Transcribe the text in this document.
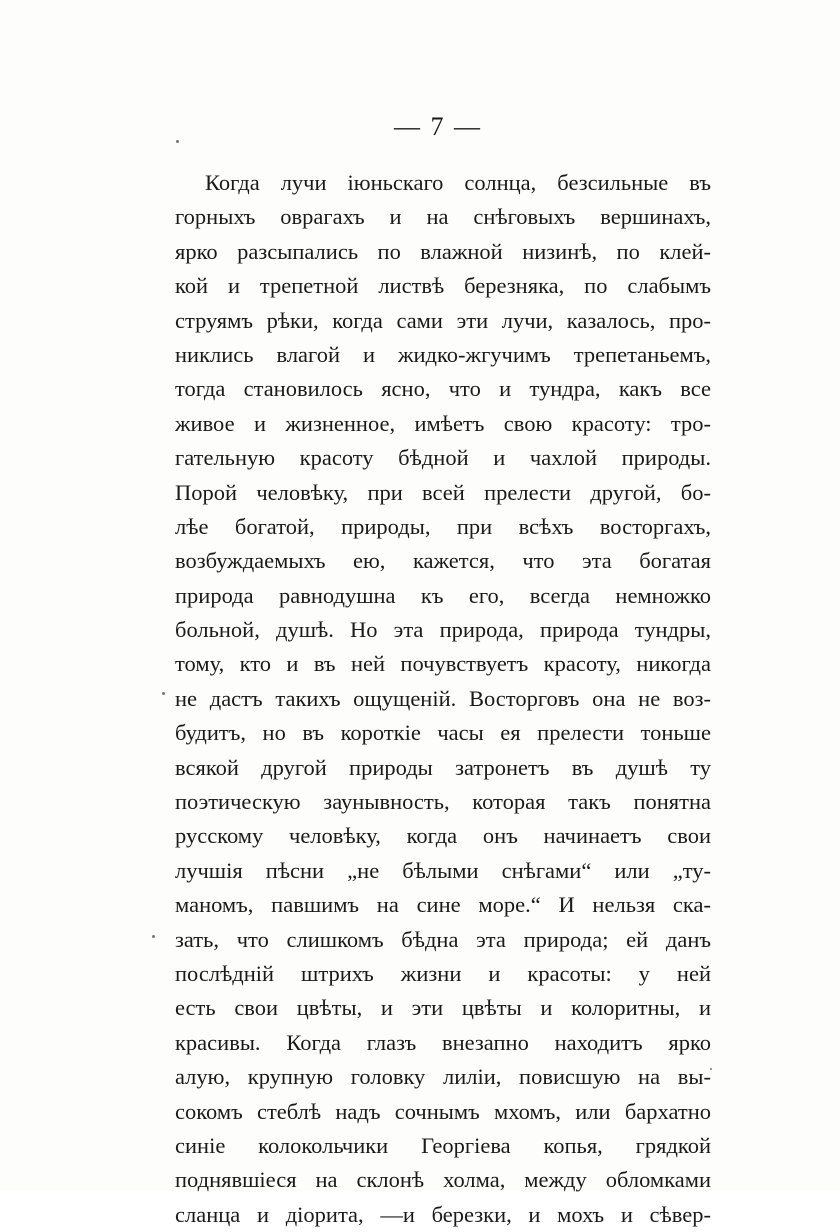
— 7 —
Когда лучи іюньскаго солнца, безсильные въ
горныхъ оврагахъ и на снѣговыхъ вершинахъ,
ярко разсыпались по влажной низинѣ, по клей-
кой и трепетной листвѣ березняка, по слабымъ
струямъ рѣки, когда сами эти лучи, казалось, про-
никлись влагой и жидко-жгучимъ трепетаньемъ,
тогда становилось ясно, что и тундра, какъ все
живое и жизненное, имѣетъ свою красоту: тро-
гательную красоту бѣдной и чахлой природы.
Порой человѣку, при всей прелести другой, бо-
лѣе богатой, природы, при всѣхъ восторгахъ,
возбуждаемыхъ ею, кажется, что эта богатая
природа равнодушна къ его, всегда немножко
больной, душѣ. Но эта природа, природа тундры,
тому, кто и въ ней почувствуетъ красоту, никогда
не дастъ такихъ ощущеній. Восторговъ она не воз-
будитъ, но въ короткіе часы ея прелести тоньше
всякой другой природы затронетъ въ душѣ ту
поэтическую заунывность, которая такъ понятна
русскому человѣку, когда онъ начинаетъ свои
лучшія пѣсни „не бѣлыми снѣгами“ или „ту-
маномъ, павшимъ на сине море.“ И нельзя ска-
зать, что слишкомъ бѣдна эта природа; ей данъ
послѣдній штрихъ жизни и красоты: у ней
есть свои цвѣты, и эти цвѣты и колоритны, и
красивы. Когда глазъ внезапно находитъ ярко
алую, крупную головку лиліи, повисшую на вы-
сокомъ стеблѣ надъ сочнымъ мхомъ, или бархатно
синіе колокольчики Георгіева копья, грядкой
поднявшіеся на склонѣ холма, между обломками
сланца и діорита, —и березки, и мохъ и сѣвер-
